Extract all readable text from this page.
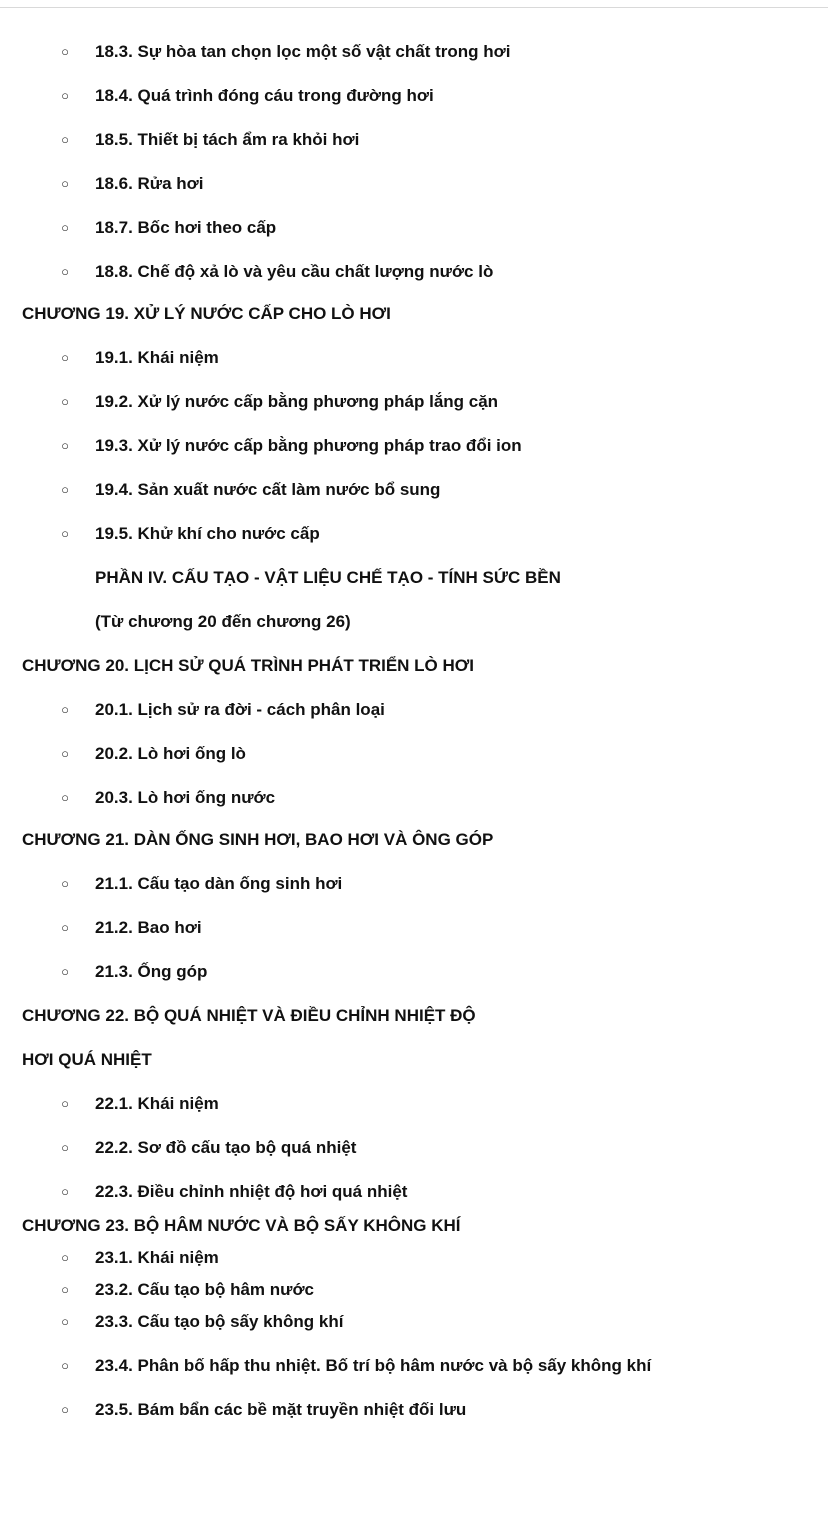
○ 18.3. Sự hòa tan chọn lọc một số vật chất trong hơi
○ 18.4. Quá trình đóng cáu trong đường hơi
○ 18.5. Thiết bị tách ẩm ra khỏi hơi
○ 18.6. Rửa hơi
○ 18.7. Bốc hơi theo cấp
○ 18.8. Chế độ xả lò và yêu cầu chất lượng nước lò
CHƯƠNG 19. XỬ LÝ NƯỚC CẤP CHO LÒ HƠI
○ 19.1. Khái niệm
○ 19.2. Xử lý nước cấp bằng phương pháp lắng cặn
○ 19.3. Xử lý nước cấp bằng phương pháp trao đổi ion
○ 19.4. Sản xuất nước cất làm nước bổ sung
○ 19.5. Khử khí cho nước cấp
PHẦN IV. CẤU TẠO - VẬT LIỆU CHẾ TẠO - TÍNH SỨC BỀN
(Từ chương 20 đến chương 26)
CHƯƠNG 20. LỊCH SỬ QUÁ TRÌNH PHÁT TRIỂN LÒ HƠI
○ 20.1. Lịch sử ra đời - cách phân loại
○ 20.2. Lò hơi ống lò
○ 20.3. Lò hơi ống nước
CHƯƠNG 21. DÀN ỐNG SINH HƠI, BAO HƠI VÀ ÔNG GÓP
○ 21.1. Cấu tạo dàn ống sinh hơi
○ 21.2. Bao hơi
○ 21.3. Ống góp
CHƯƠNG 22. BỘ QUÁ NHIỆT VÀ ĐIỀU CHỈNH NHIỆT ĐỘ
HƠI QUÁ NHIỆT
○ 22.1. Khái niệm
○ 22.2. Sơ đồ cấu tạo bộ quá nhiệt
○ 22.3. Điều chỉnh nhiệt độ hơi quá nhiệt
CHƯƠNG 23. BỘ HÂM NƯỚC VÀ BỘ SẤY KHÔNG KHÍ
○ 23.1. Khái niệm
○ 23.2. Cấu tạo bộ hâm nước
○ 23.3. Cấu tạo bộ sấy không khí
○ 23.4. Phân bố hấp thu nhiệt. Bố trí bộ hâm nước và bộ sấy không khí
○ 23.5. Bám bẩn các bề mặt truyền nhiệt đối lưu
